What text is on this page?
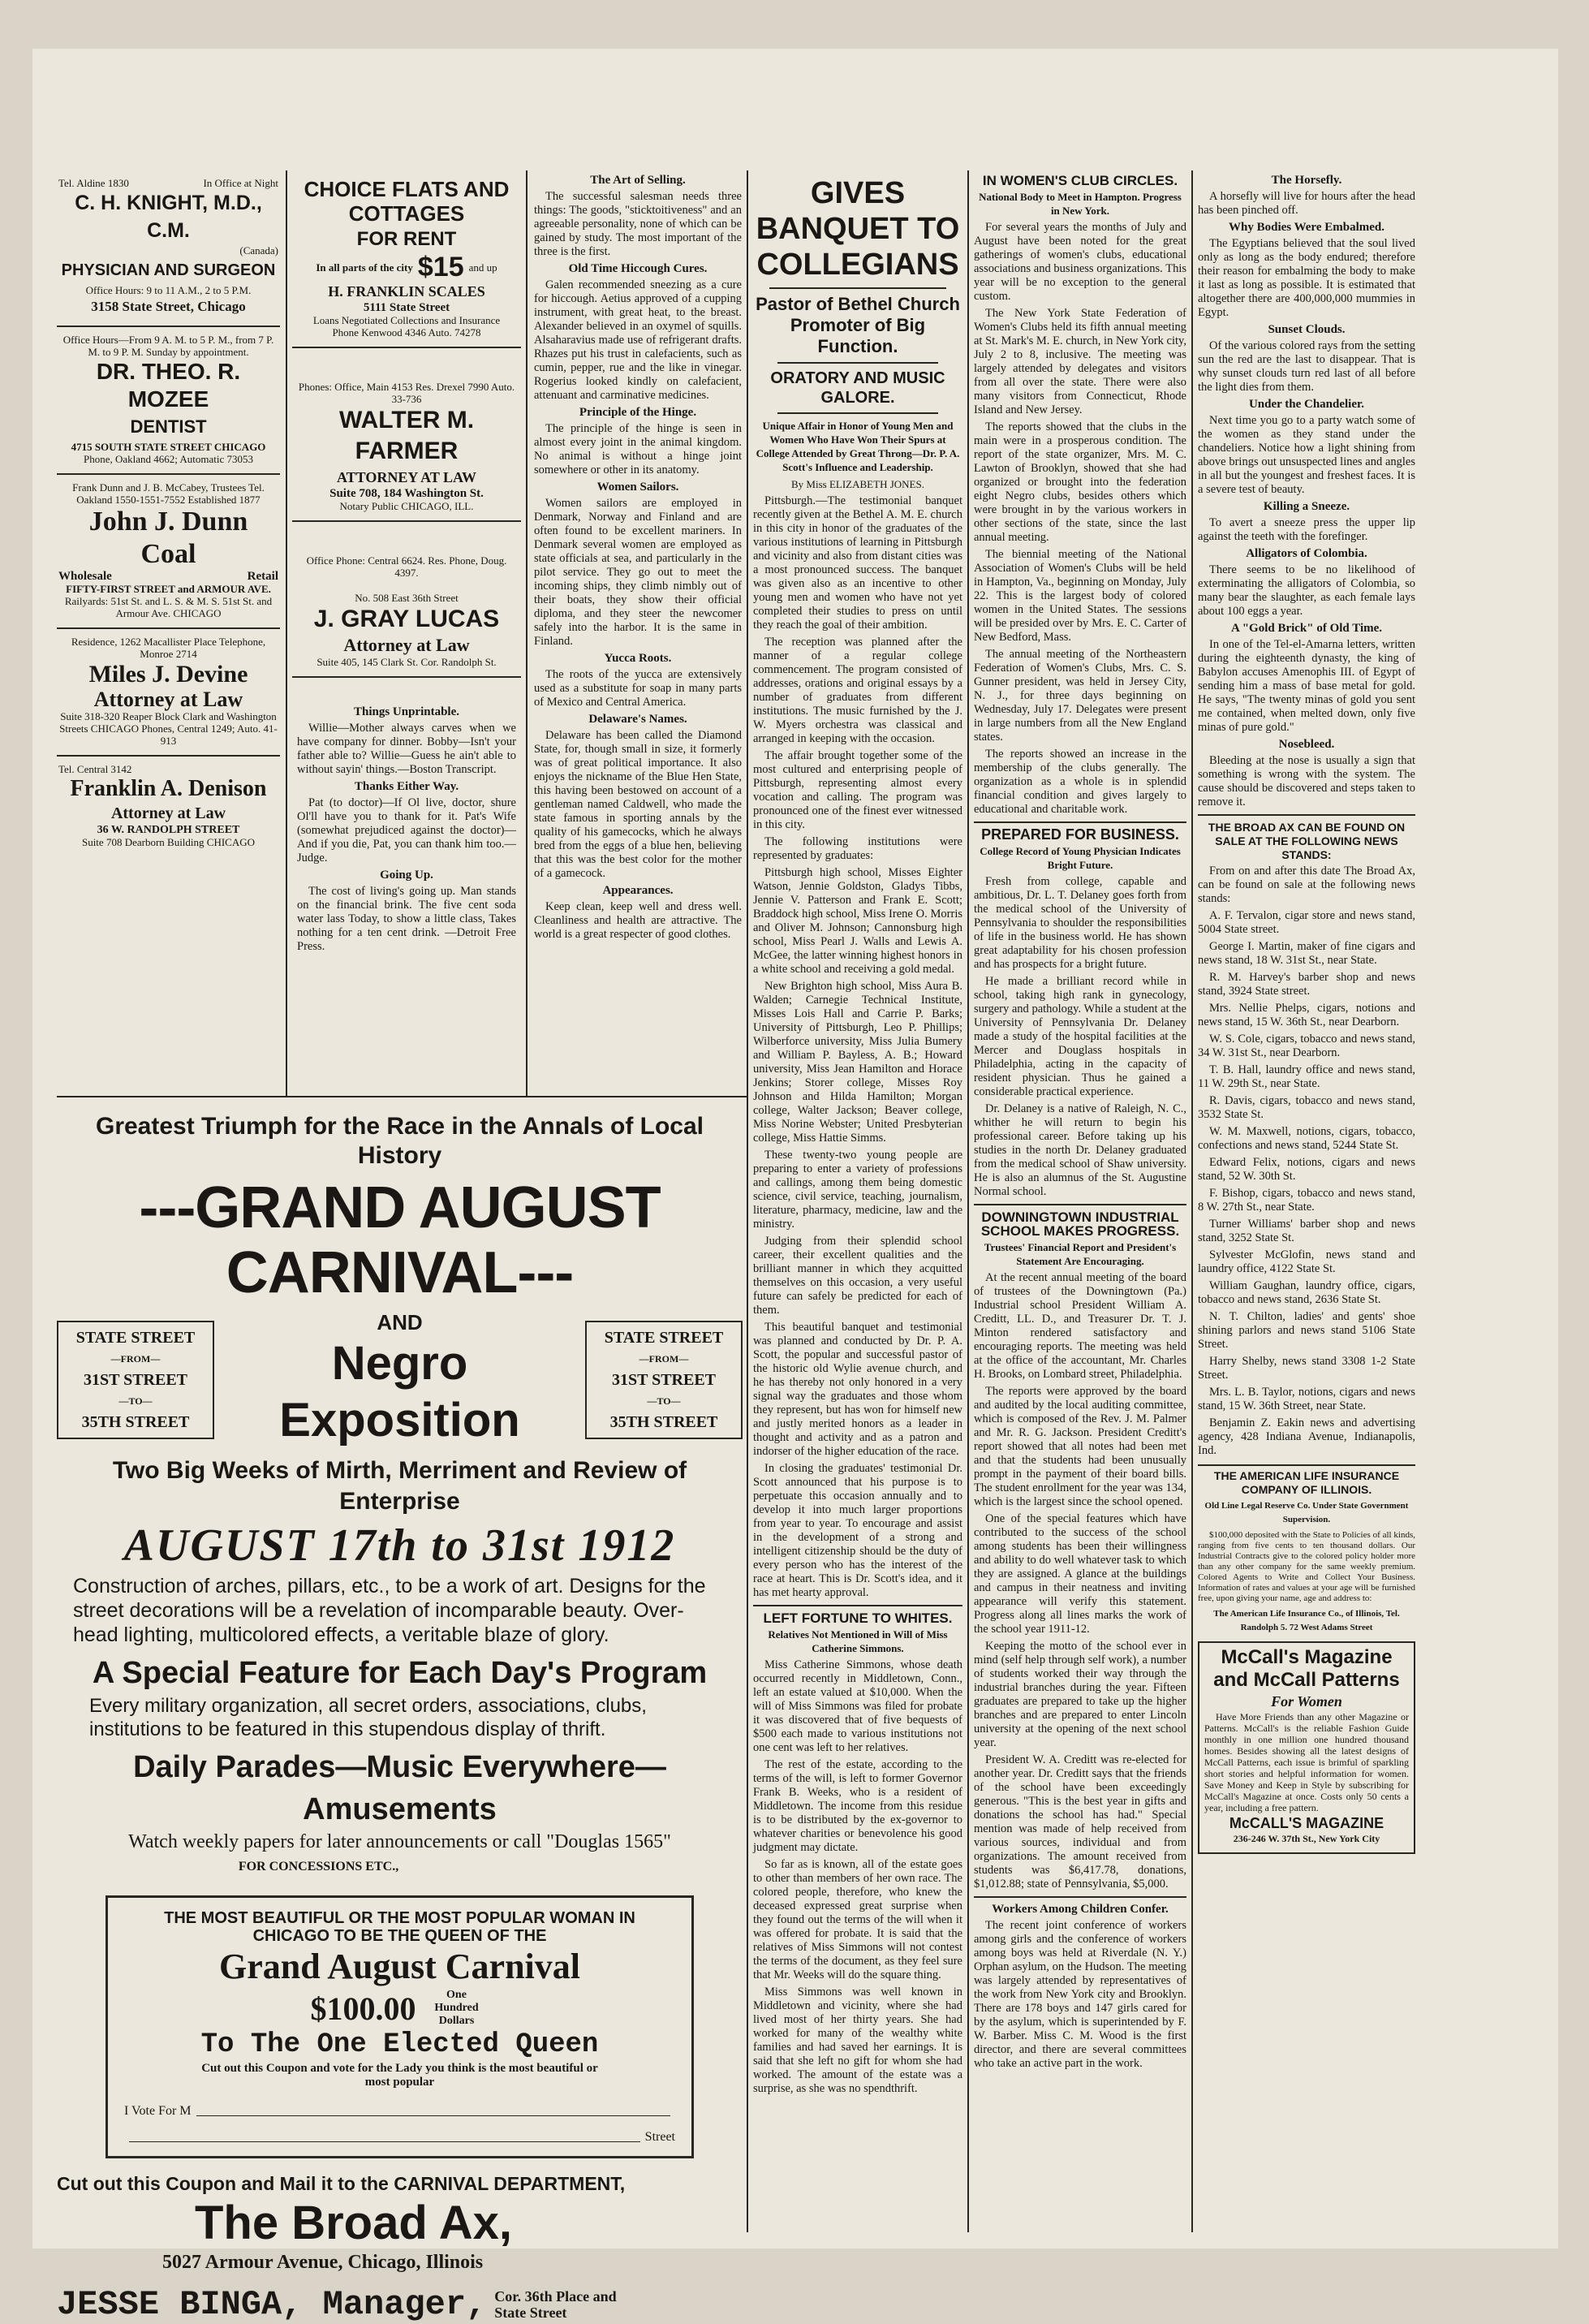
Tel. Aldine 1830	In Office at Night
C. H. KNIGHT, M.D., C.M.
(Canada)
PHYSICIAN AND SURGEON
Office Hours: 9 to 11 A.M., 2 to 5 P.M.
3158 State Street, Chicago
Office Hours—From 9 A. M. to 5 P. M., from 7 P. M. to 9 P. M. Sunday by appointment.
DR. THEO. R. MOZEE
DENTIST
4715 SOUTH STATE STREET CHICAGO
Phone, Oakland 4662; Automatic 73053
Frank Dunn and J. B. McCabey, Trustees Tel. Oakland 1550-1551-7552 Established 1877
John J. Dunn Coal
Wholesale	Retail
FIFTY-FIRST STREET and ARMOUR AVE.
Railyards: 51st St. and L. S. & M. S. 51st St. and Armour Ave. CHICAGO
Residence, 1262 Macallister Place Telephone, Monroe 2714
Miles J. Devine
Attorney at Law
Suite 318-320 Reaper Block Clark and Washington Streets CHICAGO Phones, Central 1249; Auto. 41-913
Tel. Central 3142
Franklin A. Denison
Attorney at Law
36 W. RANDOLPH STREET
Suite 708 Dearborn Building CHICAGO
CHOICE FLATS AND COTTAGES
FOR RENT
In all parts of the city $15 and up
H. FRANKLIN SCALES
5111 State Street
Loans Negotiated Collections and Insurance
Phone Kenwood 4346 Auto. 74278
Phones: Office, Main 4153 Res. Drexel 7990 Auto. 33-736
WALTER M. FARMER
ATTORNEY AT LAW
Suite 708, 184 Washington St.
Notary Public CHICAGO, ILL.
Office Phone: Central 6624. Res. Phone, Doug. 4397.
No. 508 East 36th Street
J. GRAY LUCAS
Attorney at Law
Suite 405, 145 Clark St. Cor. Randolph St.
Things Unprintable.

Willie—Mother always carves when we have company for dinner. Bobby—Isn't your father able to? Willie—Guess he ain't able to without sayin' things.—Boston Transcript.

Thanks Either Way.

Pat (to doctor)—If Ol live, doctor, shure Ol'll have you to thank for it. Pat's Wife (somewhat prejudiced against the doctor)—And if you die, Pat, you can thank him too.—Judge.

Going Up.

The cost of living's going up. Man stands on the financial brink. The five cent soda water lass Today, to show a little class, Takes nothing for a ten cent drink. —Detroit Free Press.

The Art of Selling.

The successful salesman needs three things: The goods, "sticktoitiveness" and an agreeable personality, none of which can be gained by study. The most important of the three is the first.

Old Time Hiccough Cures.

Galen recommended sneezing as a cure for hiccough. Aetius approved of a cupping instrument, with great heat, to the breast. Alexander believed in an oxymel of squills. Alsaharavius made use of refrigerant drafts. Rhazes put his trust in calefacients, such as cumin, pepper, rue and the like in vinegar. Rogerius looked kindly on calefacient, attenuant and carminative medicines.

Principle of the Hinge.

The principle of the hinge is seen in almost every joint in the animal kingdom. No animal is without a hinge joint somewhere or other in its anatomy.

Women Sailors.

Women sailors are employed in Denmark, Norway and Finland and are often found to be excellent mariners. In Denmark several women are employed as state officials at sea, and particularly in the pilot service. They go out to meet the incoming ships, they climb nimbly out of their boats, they show their official diploma, and they steer the newcomer safely into the harbor. It is the same in Finland.

Yucca Roots.

The roots of the yucca are extensively used as a substitute for soap in many parts of Mexico and Central America.

Delaware's Names.

Delaware has been called the Diamond State, for, though small in size, it formerly was of great political importance. It also enjoys the nickname of the Blue Hen State, this having been bestowed on account of a gentleman named Caldwell, who made the state famous in sporting annals by the quality of his gamecocks, which he always bred from the eggs of a blue hen, believing that this was the best color for the mother of a gamecock.

Appearances.

Keep clean, keep well and dress well. Cleanliness and health are attractive. The world is a great respecter of good clothes.

GIVES BANQUET TO COLLEGIANS
Pastor of Bethel Church Promoter of Big Function.
ORATORY AND MUSIC GALORE.
Unique Affair in Honor of Young Men and Women Who Have Won Their Spurs at College Attended by Great Throng—Dr. P. A. Scott's Influence and Leadership.
By Miss ELIZABETH JONES.

Pittsburgh.—The testimonial banquet recently given at the Bethel A. M. E. church in this city in honor of the graduates of the various institutions of learning in Pittsburgh and vicinity and also from distant cities was a most pronounced success. The banquet was given also as an incentive to other young men and women who have not yet completed their studies to press on until they reach the goal of their ambition.

The reception was planned after the manner of a regular college commencement. The program consisted of addresses, orations and original essays by a number of graduates from different institutions. The music furnished by the J. W. Myers orchestra was classical and arranged in keeping with the occasion.

The affair brought together some of the most cultured and enterprising people of Pittsburgh, representing almost every vocation and calling. The program was pronounced one of the finest ever witnessed in this city.

The following institutions were represented by graduates:

Pittsburgh high school, Misses Eighter Watson, Jennie Goldston, Gladys Tibbs, Jennie V. Patterson and Frank E. Scott; Braddock high school, Miss Irene O. Morris and Oliver M. Johnson; Cannonsburg high school, Miss Pearl J. Walls and Lewis A. McGee, the latter winning highest honors in a white school and receiving a gold medal.

New Brighton high school, Miss Aura B. Walden; Carnegie Technical Institute, Misses Lois Hall and Carrie P. Barks; University of Pittsburgh, Leo P. Phillips; Wilberforce university, Miss Julia Bumery and William P. Bayless, A. B.; Howard university, Miss Jean Hamilton and Horace Jenkins; Storer college, Misses Roy Johnson and Hilda Hamilton; Morgan college, Walter Jackson; Beaver college, Miss Norine Webster; United Presbyterian college, Miss Hattie Simms.

These twenty-two young people are preparing to enter a variety of professions and callings, among them being domestic science, civil service, teaching, journalism, literature, pharmacy, medicine, law and the ministry.

Judging from their splendid school career, their excellent qualities and the brilliant manner in which they acquitted themselves on this occasion, a very useful future can safely be predicted for each of them.

This beautiful banquet and testimonial was planned and conducted by Dr. P. A. Scott, the popular and successful pastor of the historic old Wylie avenue church, and he has thereby not only honored in a very signal way the graduates and those whom they represent, but has won for himself new and justly merited honors as a leader in thought and activity and as a patron and indorser of the higher education of the race.

In closing the graduates' testimonial Dr. Scott announced that his purpose is to perpetuate this occasion annually and to develop it into much larger proportions from year to year. To encourage and assist in the development of a strong and intelligent citizenship should be the duty of every person who has the interest of the race at heart. This is Dr. Scott's idea, and it has met hearty approval.

LEFT FORTUNE TO WHITES.
Relatives Not Mentioned in Will of Miss Catherine Simmons.

Miss Catherine Simmons, whose death occurred recently in Middletown, Conn., left an estate valued at $10,000. When the will of Miss Simmons was filed for probate it was discovered that of five bequests of $500 each made to various institutions not one cent was left to her relatives.

The rest of the estate, according to the terms of the will, is left to former Governor Frank B. Weeks, who is a resident of Middletown. The income from this residue is to be distributed by the ex-governor to whatever charities or benevolence his good judgment may dictate.

So far as is known, all of the estate goes to other than members of her own race. The colored people, therefore, who knew the deceased expressed great surprise when they found out the terms of the will when it was offered for probate. It is said that the relatives of Miss Simmons will not contest the terms of the document, as they feel sure that Mr. Weeks will do the square thing.

Miss Simmons was well known in Middletown and vicinity, where she had lived most of her thirty years. She had worked for many of the wealthy white families and had saved her earnings. It is said that she left no gift for whom she had worked. The amount of the estate was a surprise, as she was no spendthrift.

IN WOMEN'S CLUB CIRCLES.
National Body to Meet in Hampton. Progress in New York.

For several years the months of July and August have been noted for the great gatherings of women's clubs, educational associations and business organizations. This year will be no exception to the general custom.

The New York State Federation of Women's Clubs held its fifth annual meeting at St. Mark's M. E. church, in New York city, July 2 to 8, inclusive. The meeting was largely attended by delegates and visitors from all over the state. There were also many visitors from Connecticut, Rhode Island and New Jersey.

The reports showed that the clubs in the main were in a prosperous condition. The report of the state organizer, Mrs. M. C. Lawton of Brooklyn, showed that she had organized or brought into the federation eight Negro clubs, besides others which were brought in by the various workers in other sections of the state, since the last annual meeting.

The biennial meeting of the National Association of Women's Clubs will be held in Hampton, Va., beginning on Monday, July 22. This is the largest body of colored women in the United States. The sessions will be presided over by Mrs. E. C. Carter of New Bedford, Mass.

The annual meeting of the Northeastern Federation of Women's Clubs, Mrs. C. S. Gunner president, was held in Jersey City, N. J., for three days beginning on Wednesday, July 17. Delegates were present in large numbers from all the New England states.

The reports showed an increase in the membership of the clubs generally. The organization as a whole is in splendid financial condition and gives largely to educational and charitable work.

PREPARED FOR BUSINESS.
College Record of Young Physician Indicates Bright Future.

Fresh from college, capable and ambitious, Dr. L. T. Delaney goes forth from the medical school of the University of Pennsylvania to shoulder the responsibilities of life in the business world. He has shown great adaptability for his chosen profession and has prospects for a bright future.

He made a brilliant record while in school, taking high rank in gynecology, surgery and pathology. While a student at the University of Pennsylvania Dr. Delaney made a study of the hospital facilities at the Mercer and Douglass hospitals in Philadelphia, acting in the capacity of resident physician. Thus he gained a considerable practical experience.

Dr. Delaney is a native of Raleigh, N. C., whither he will return to begin his professional career. Before taking up his studies in the north Dr. Delaney graduated from the medical school of Shaw university. He is also an alumnus of the St. Augustine Normal school.

DOWNINGTOWN INDUSTRIAL SCHOOL MAKES PROGRESS.
Trustees' Financial Report and President's Statement Are Encouraging.

At the recent annual meeting of the board of trustees of the Downingtown (Pa.) Industrial school President William A. Creditt, LL. D., and Treasurer Dr. T. J. Minton rendered satisfactory and encouraging reports. The meeting was held at the office of the accountant, Mr. Charles H. Brooks, on Lombard street, Philadelphia.

The reports were approved by the board and audited by the local auditing committee, which is composed of the Rev. J. M. Palmer and Mr. R. G. Jackson. President Creditt's report showed that all notes had been met and that the students had been unusually prompt in the payment of their board bills. The student enrollment for the year was 134, which is the largest since the school opened.

One of the special features which have contributed to the success of the school among students has been their willingness and ability to do well whatever task to which they are assigned. A glance at the buildings and campus in their neatness and inviting appearance will verify this statement. Progress along all lines marks the work of the school year 1911-12.

Keeping the motto of the school ever in mind (self help through self work), a number of students worked their way through the industrial branches during the year. Fifteen graduates are prepared to take up the higher branches and are prepared to enter Lincoln university at the opening of the next school year.

President W. A. Creditt was re-elected for another year. Dr. Creditt says that the friends of the school have been exceedingly generous. "This is the best year in gifts and donations the school has had." Special mention was made of help received from various sources, individual and from organizations. The amount received from students was $6,417.78, donations, $1,012.88; state of Pennsylvania, $5,000.

Workers Among Children Confer.

The recent joint conference of workers among girls and the conference of workers among boys was held at Riverdale (N. Y.) Orphan asylum, on the Hudson. The meeting was largely attended by representatives of the work from New York city and Brooklyn. There are 178 boys and 147 girls cared for by the asylum, which is superintended by F. W. Barber. Miss C. M. Wood is the first director, and there are several committees who take an active part in the work.

The Horsefly.

A horsefly will live for hours after the head has been pinched off.

Why Bodies Were Embalmed.

The Egyptians believed that the soul lived only as long as the body endured; therefore their reason for embalming the body to make it last as long as possible. It is estimated that altogether there are 400,000,000 mummies in Egypt.

Sunset Clouds.

Of the various colored rays from the setting sun the red are the last to disappear. That is why sunset clouds turn red last of all before the light dies from them.

Under the Chandelier.

Next time you go to a party watch some of the women as they stand under the chandeliers. Notice how a light shining from above brings out unsuspected lines and angles in all but the youngest and freshest faces. It is a severe test of beauty.

Killing a Sneeze.

To avert a sneeze press the upper lip against the teeth with the forefinger.

Alligators of Colombia.

There seems to be no likelihood of exterminating the alligators of Colombia, so many bear the slaughter, as each female lays about 100 eggs a year.

A "Gold Brick" of Old Time.

In one of the Tel-el-Amarna letters, written during the eighteenth dynasty, the king of Babylon accuses Amenophis III. of Egypt of sending him a mass of base metal for gold. He says, "The twenty minas of gold you sent me contained, when melted down, only five minas of pure gold."

Nosebleed.

Bleeding at the nose is usually a sign that something is wrong with the system. The cause should be discovered and steps taken to remove it.

THE BROAD AX CAN BE FOUND ON SALE AT THE FOLLOWING NEWS STANDS:

From on and after this date The Broad Ax, can be found on sale at the following news stands:

A. F. Tervalon, cigar store and news stand, 5004 State street.

George I. Martin, maker of fine cigars and news stand, 18 W. 31st St., near State.

R. M. Harvey's barber shop and news stand, 3924 State street.

Mrs. Nellie Phelps, cigars, notions and news stand, 15 W. 36th St., near Dearborn.

W. S. Cole, cigars, tobacco and news stand, 34 W. 31st St., near Dearborn.

T. B. Hall, laundry office and news stand, 11 W. 29th St., near State.

R. Davis, cigars, tobacco and news stand, 3532 State St.

W. M. Maxwell, notions, cigars, tobacco, confections and news stand, 5244 State St.

Edward Felix, notions, cigars and news stand, 52 W. 30th St.

F. Bishop, cigars, tobacco and news stand, 8 W. 27th St., near State.

Turner Williams' barber shop and news stand, 3252 State St.

Sylvester McGlofin, news stand and laundry office, 4122 State St.

William Gaughan, laundry office, cigars, tobacco and news stand, 2636 State St.

N. T. Chilton, ladies' and gents' shoe shining parlors and news stand 5106 State Street.

Harry Shelby, news stand 3308 1-2 State Street.

Mrs. L. B. Taylor, notions, cigars and news stand, 15 W. 36th Street, near State.

Benjamin Z. Eakin news and advertising agency, 428 Indiana Avenue, Indianapolis, Ind.

THE AMERICAN LIFE INSURANCE COMPANY OF ILLINOIS.
Old Line Legal Reserve Co. Under State Government Supervision.

$100,000 deposited with the State to Policies of all kinds, ranging from five cents to ten thousand dollars. Our Industrial Contracts give to the colored policy holder more than any other company for the same weekly premium. Colored Agents to Write and Collect Your Business. Information of rates and values at your age will be furnished free, upon giving your name, age and address to:

The American Life Insurance Co., of Illinois, Tel. Randolph 5. 72 West Adams Street
McCall's Magazine and McCall Patterns
For Women

Have More Friends than any other Magazine or Patterns. McCall's is the reliable Fashion Guide monthly in one million one hundred thousand homes. Besides showing all the latest designs of McCall Patterns, each issue is brimful of sparkling short stories and helpful information for women. Save Money and Keep in Style by subscribing for McCall's Magazine at once. Costs only 50 cents a year, including a free pattern.

McCALL'S MAGAZINE
236-246 W. 37th St., New York City
Greatest Triumph for the Race in the Annals of Local History
---GRAND AUGUST CARNIVAL---
STATE STREET
—FROM—
31ST STREET
—TO—
35TH STREET
AND
Negro Exposition
STATE STREET
—FROM—
31ST STREET
—TO—
35TH STREET
Two Big Weeks of Mirth, Merriment and Review of Enterprise
AUGUST 17th to 31st 1912
Construction of arches, pillars, etc., to be a work of art. Designs for the street decorations will be a revelation of incomparable beauty. Over-head lighting, multicolored effects, a veritable blaze of glory.
A Special Feature for Each Day's Program
Every military organization, all secret orders, associations, clubs, institutions to be featured in this stupendous display of thrift.
Daily Parades—Music Everywhere—Amusements
Watch weekly papers for later announcements or call "Douglas 1565"
FOR CONCESSIONS ETC.,
THE MOST BEAUTIFUL OR THE MOST POPULAR WOMAN IN CHICAGO TO BE THE QUEEN OF THE
Grand August Carnival
$100.00	One Hundred Dollars
To The One Elected Queen
Cut out this Coupon and vote for the Lady you think is the most beautiful or most popular
I Vote For M
Street
Cut out this Coupon and Mail it to the CARNIVAL DEPARTMENT,
The Broad Ax,
5027 Armour Avenue, Chicago, Illinois
JESSE BINGA, Manager, Cor. 36th Place and State Street
